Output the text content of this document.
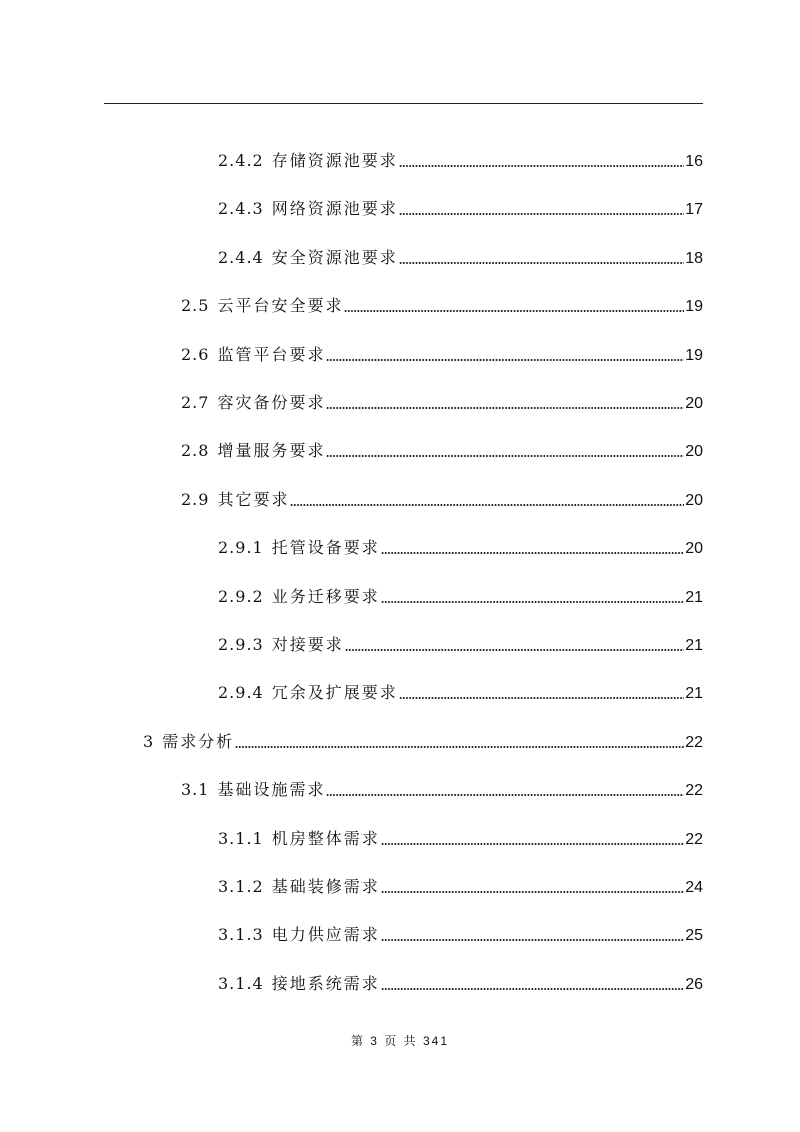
2.4.2 存储资源池要求	16
2.4.3 网络资源池要求	17
2.4.4 安全资源池要求	18
2.5 云平台安全要求	19
2.6 监管平台要求	19
2.7 容灾备份要求	20
2.8 增量服务要求	20
2.9 其它要求	20
2.9.1 托管设备要求	20
2.9.2 业务迁移要求	21
2.9.3 对接要求	21
2.9.4 冗余及扩展要求	21
3 需求分析	22
3.1 基础设施需求	22
3.1.1 机房整体需求	22
3.1.2 基础装修需求	24
3.1.3 电力供应需求	25
3.1.4 接地系统需求	26
第 3 页 共 341
